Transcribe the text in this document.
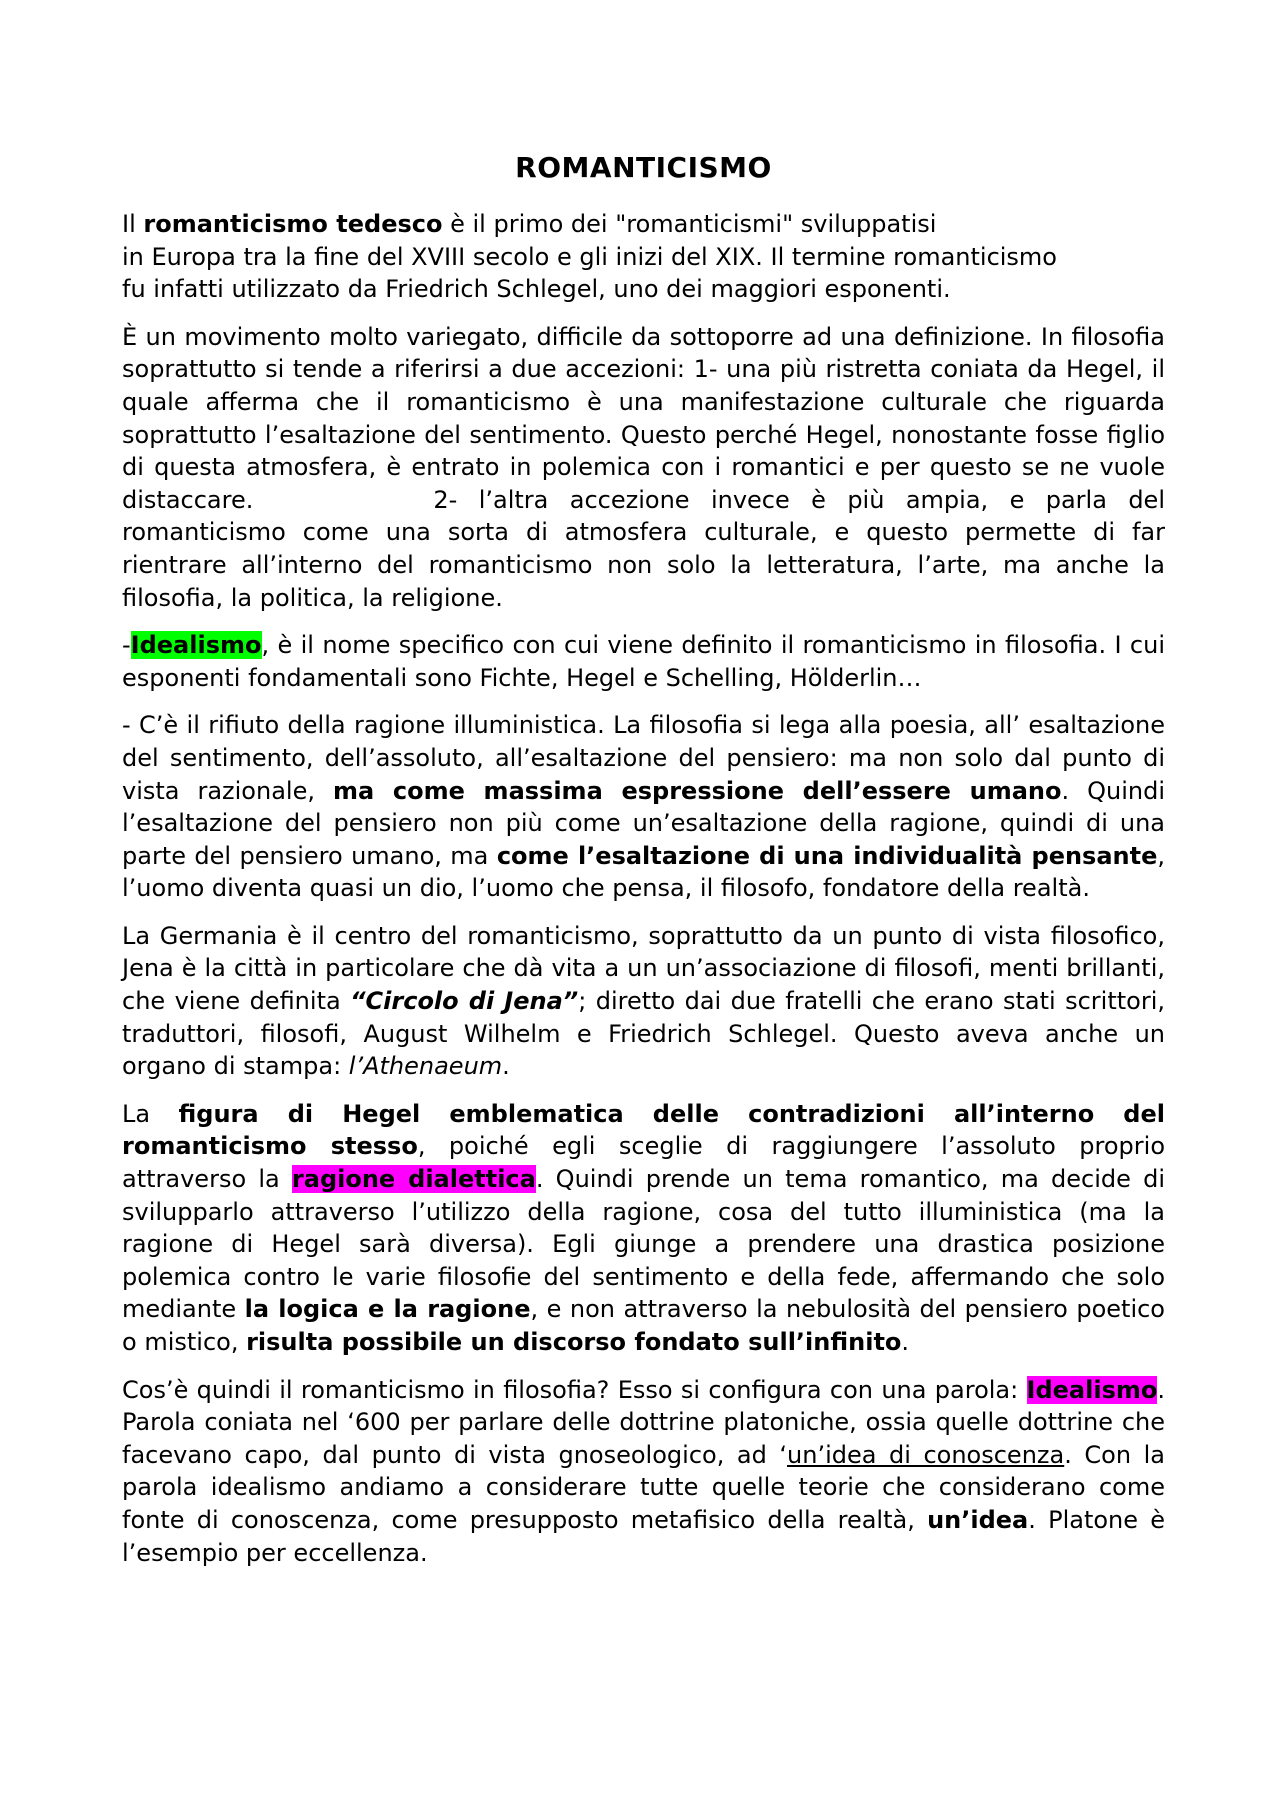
ROMANTICISMO

Il romanticismo tedesco è il primo dei "romanticismi" sviluppatisi
in Europa tra la fine del XVIII secolo e gli inizi del XIX. Il termine romanticismo
fu infatti utilizzato da Friedrich Schlegel, uno dei maggiori esponenti.

È un movimento molto variegato, difficile da sottoporre ad una definizione. In filosofia soprattutto si tende a riferirsi a due accezioni: 1- una più ristretta coniata da Hegel, il quale afferma che il romanticismo è una manifestazione culturale che riguarda soprattutto l’esaltazione del sentimento. Questo perché Hegel, nonostante fosse figlio di questa atmosfera, è entrato in polemica con i romantici e per questo se ne vuole distaccare.	2- l’altra accezione invece è più ampia, e parla del romanticismo come una sorta di atmosfera culturale, e questo permette di far rientrare all’interno del romanticismo non solo la letteratura, l’arte, ma anche la filosofia, la politica, la religione.

-Idealismo, è il nome specifico con cui viene definito il romanticismo in filosofia. I cui esponenti fondamentali sono Fichte, Hegel e Schelling, Hölderlin…

- C’è il rifiuto della ragione illuministica. La filosofia si lega alla poesia, all’ esaltazione del sentimento, dell’assoluto, all’esaltazione del pensiero: ma non solo dal punto di vista razionale, ma come massima espressione dell’essere umano. Quindi l’esaltazione del pensiero non più come un’esaltazione della ragione, quindi di una parte del pensiero umano, ma come l’esaltazione di una individualità pensante, l’uomo diventa quasi un dio, l’uomo che pensa, il filosofo, fondatore della realtà.

La Germania è il centro del romanticismo, soprattutto da un punto di vista filosofico, Jena è la città in particolare che dà vita a un un’associazione di filosofi, menti brillanti, che viene definita “Circolo di Jena”; diretto dai due fratelli che erano stati scrittori, traduttori, filosofi, August Wilhelm e Friedrich Schlegel. Questo aveva anche un organo di stampa: l’Athenaeum.

La figura di Hegel emblematica delle contradizioni all’interno del romanticismo stesso, poiché egli sceglie di raggiungere l’assoluto proprio attraverso la ragione dialettica. Quindi prende un tema romantico, ma decide di svilupparlo attraverso l’utilizzo della ragione, cosa del tutto illuministica (ma la ragione di Hegel sarà diversa). Egli giunge a prendere una drastica posizione polemica contro le varie filosofie del sentimento e della fede, affermando che solo mediante la logica e la ragione, e non attraverso la nebulosità del pensiero poetico o mistico, risulta possibile un discorso fondato sull’infinito.

Cos’è quindi il romanticismo in filosofia? Esso si configura con una parola: Idealismo. Parola coniata nel ‘600 per parlare delle dottrine platoniche, ossia quelle dottrine che facevano capo, dal punto di vista gnoseologico, ad ‘un’idea di conoscenza. Con la parola idealismo andiamo a considerare tutte quelle teorie che considerano come fonte di conoscenza, come presupposto metafisico della realtà, un’idea. Platone è l’esempio per eccellenza.
